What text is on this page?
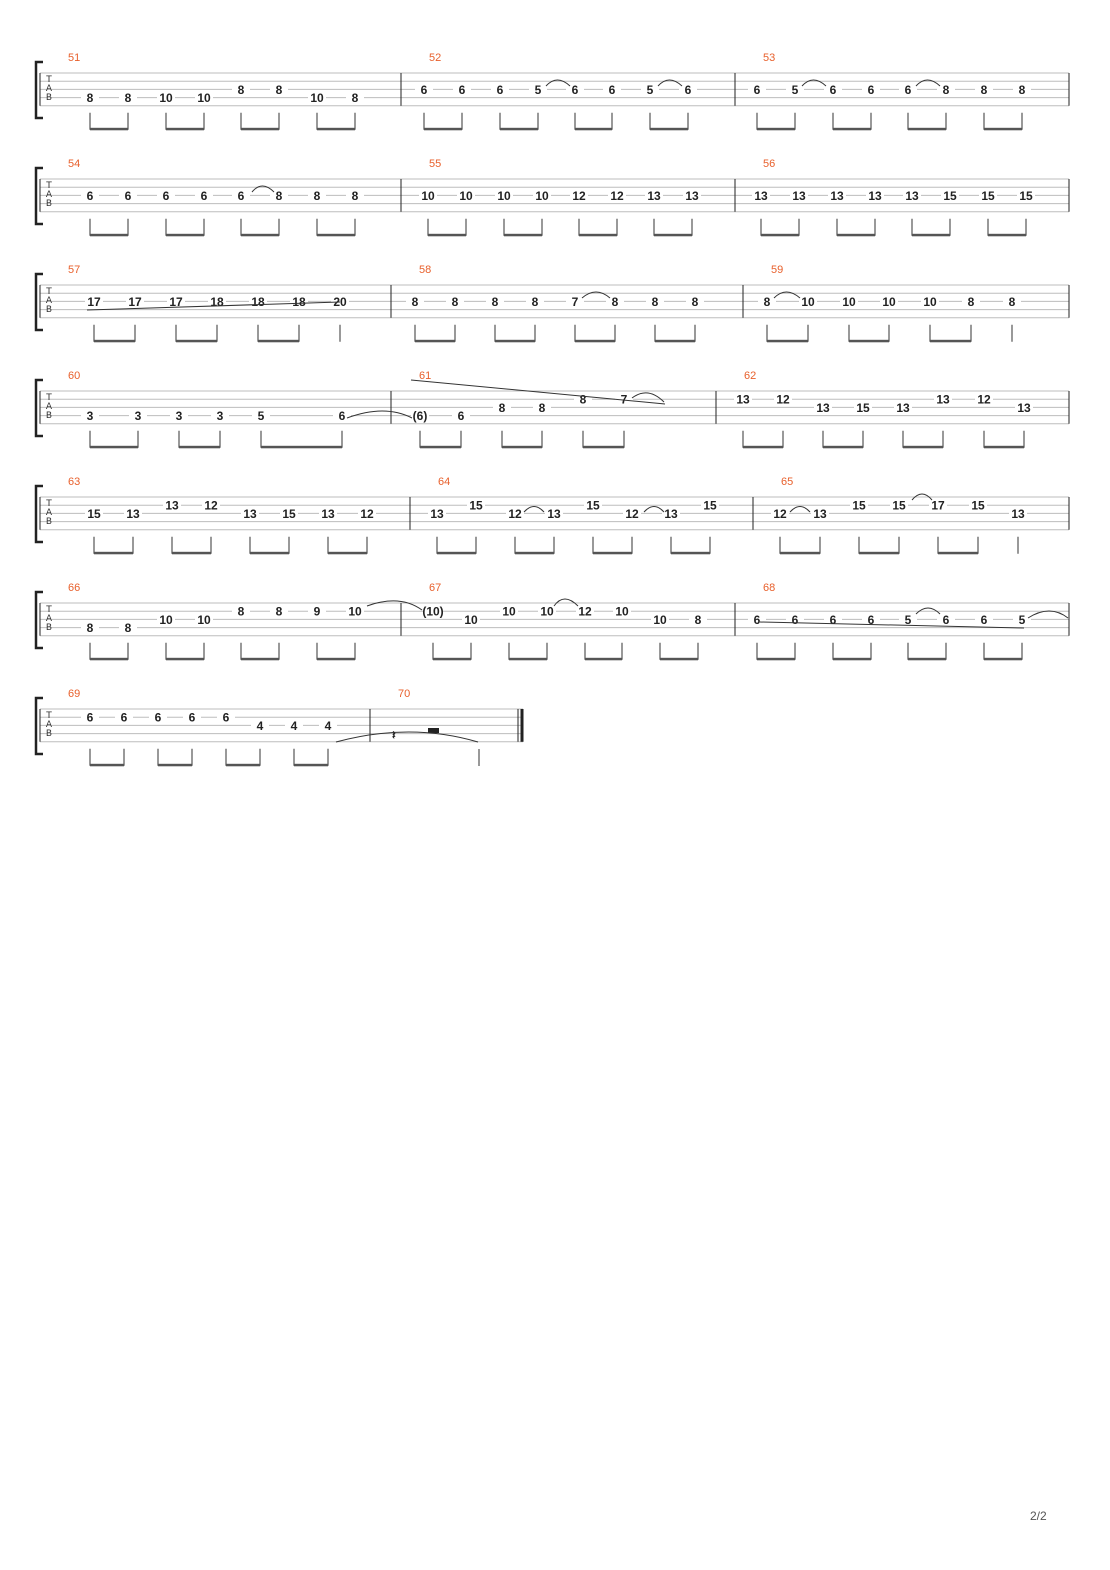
T
A
B
51
8	8 10 10
8	8
10 8
52
6	6	6	5	6	6	5	6
53
6	5	6	6	6	8	8	8
T
A
B
54
6	6	6	6	6	8	8	8
55
10 10 10 10 12 12 13 13
56
13 13 13 13 13 15 15 15
T
A
B
57
17 17 17 18 18 18 20
58
8	8	8	8	7	8	8	8
59
8	10 10 10 10	8	8
T
A
B
60
3	3	3	3	5	6
61
(6)	6
8	8
8	7
62
13 12
13 15 13
13 12
13
T
A
B
63
15 13
13 12
13 15 13 12
64
13
15
12 13
15
12 13
15
65
12 13
15 15 17 15
13
T
A
B
66
8	8
10 10
8	8	9 10
67
(10)
10
10 10 12 10
10 8
68
6	6	6	6	5	6	6	5
T
A
B
69
6 6 6 6 6
4 4 4
70
𝄽
2/2
